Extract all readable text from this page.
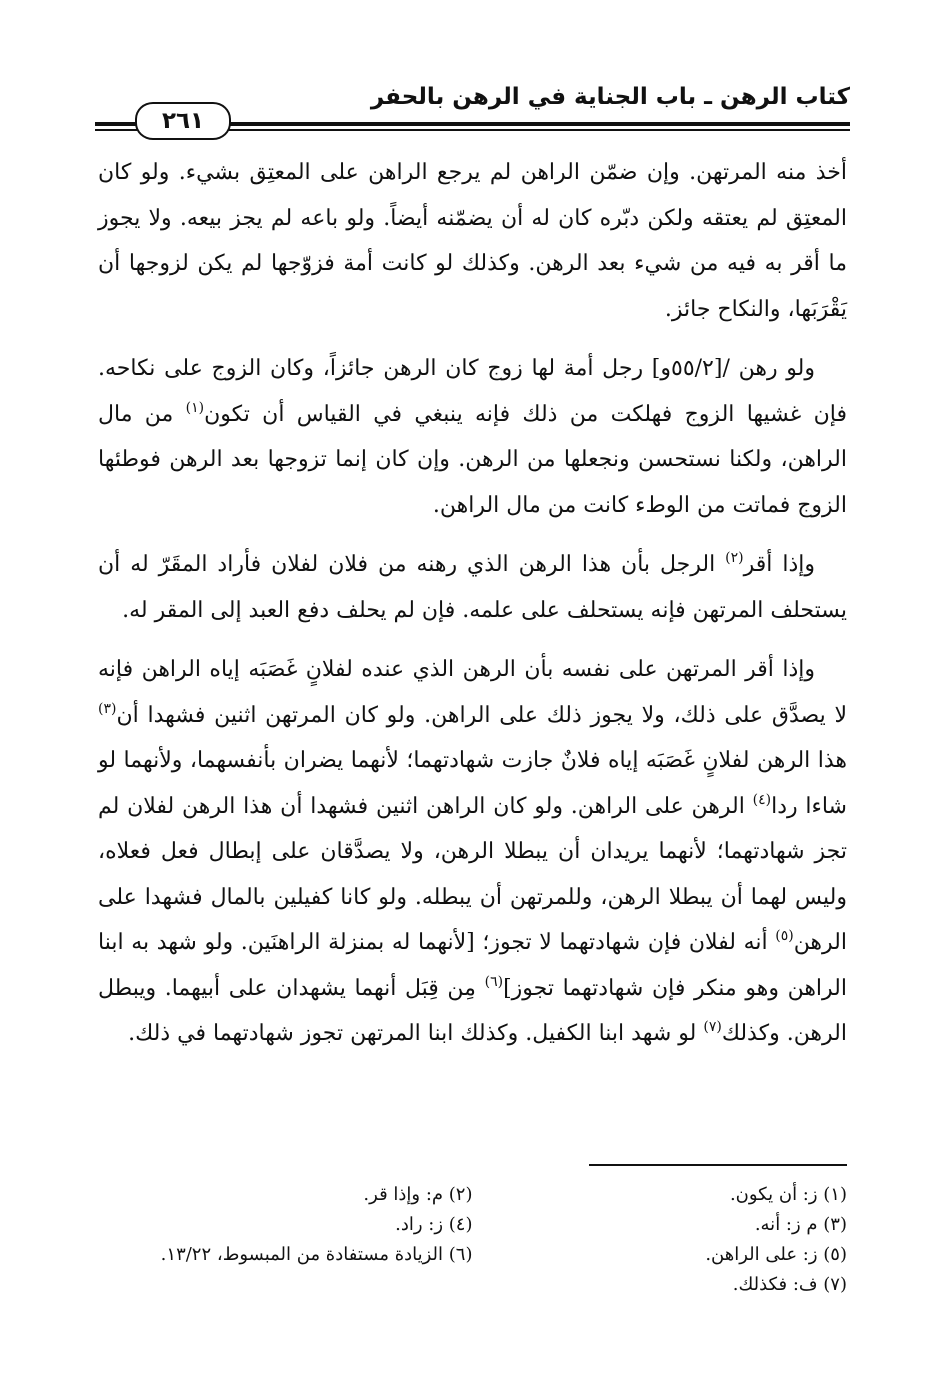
كتاب الرهن ـ باب الجناية في الرهن بالحفر
٢٦١

أخذ منه المرتهن. وإن ضمّن الراهن لم يرجع الراهن على المعتِق بشيء. ولو كان المعتِق لم يعتقه ولكن دبّره كان له أن يضمّنه أيضاً. ولو باعه لم يجز بيعه. ولا يجوز ما أقر به فيه من شيء بعد الرهن. وكذلك لو كانت أمة فزوّجها لم يكن لزوجها أن يَقْرَبَها، والنكاح جائز.

ولو رهن /[٥٥/٢و] رجل أمة لها زوج كان الرهن جائزاً، وكان الزوج على نكاحه. فإن غشيها الزوج فهلكت من ذلك فإنه ينبغي في القياس أن تكون$^{(١)}$ من مال الراهن، ولكنا نستحسن ونجعلها من الرهن. وإن كان إنما تزوجها بعد الرهن فوطئها الزوج فماتت من الوطء كانت من مال الراهن.

وإذا أقر$^{(٢)}$ الرجل بأن هذا الرهن الذي رهنه من فلان لفلان فأراد المقَرّ له أن يستحلف المرتهن فإنه يستحلف على علمه. فإن لم يحلف دفع العبد إلى المقر له.

وإذا أقر المرتهن على نفسه بأن الرهن الذي عنده لفلانٍ غَصَبَه إياه الراهن فإنه لا يصدَّق على ذلك، ولا يجوز ذلك على الراهن. ولو كان المرتهن اثنين فشهدا أن$^{(٣)}$ هذا الرهن لفلانٍ غَصَبَه إياه فلانٌ جازت شهادتهما؛ لأنهما يضران بأنفسهما، ولأنهما لو شاءا ردا$^{(٤)}$ الرهن على الراهن. ولو كان الراهن اثنين فشهدا أن هذا الرهن لفلان لم تجز شهادتهما؛ لأنهما يريدان أن يبطلا الرهن، ولا يصدَّقان على إبطال فعل فعلاه، وليس لهما أن يبطلا الرهن، وللمرتهن أن يبطله. ولو كانا كفيلين بالمال فشهدا على الرهن$^{(٥)}$ أنه لفلان فإن شهادتهما لا تجوز؛ [لأنهما له بمنزلة الراهنَين. ولو شهد به ابنا الراهن وهو منكر فإن شهادتهما تجوز]$^{(٦)}$ مِن قِبَل أنهما يشهدان على أبيهما. ويبطل الرهن. وكذلك$^{(٧)}$ لو شهد ابنا الكفيل. وكذلك ابنا المرتهن تجوز شهادتهما في ذلك.

(١) ز: أن يكون.
(٢) م: وإذا قر.
(٣) م ز: أنه.
(٤) ز: راد.
(٥) ز: على الراهن.
(٦) الزيادة مستفادة من المبسوط، ١٣/٢٢.
(٧) ف: فكذلك.
